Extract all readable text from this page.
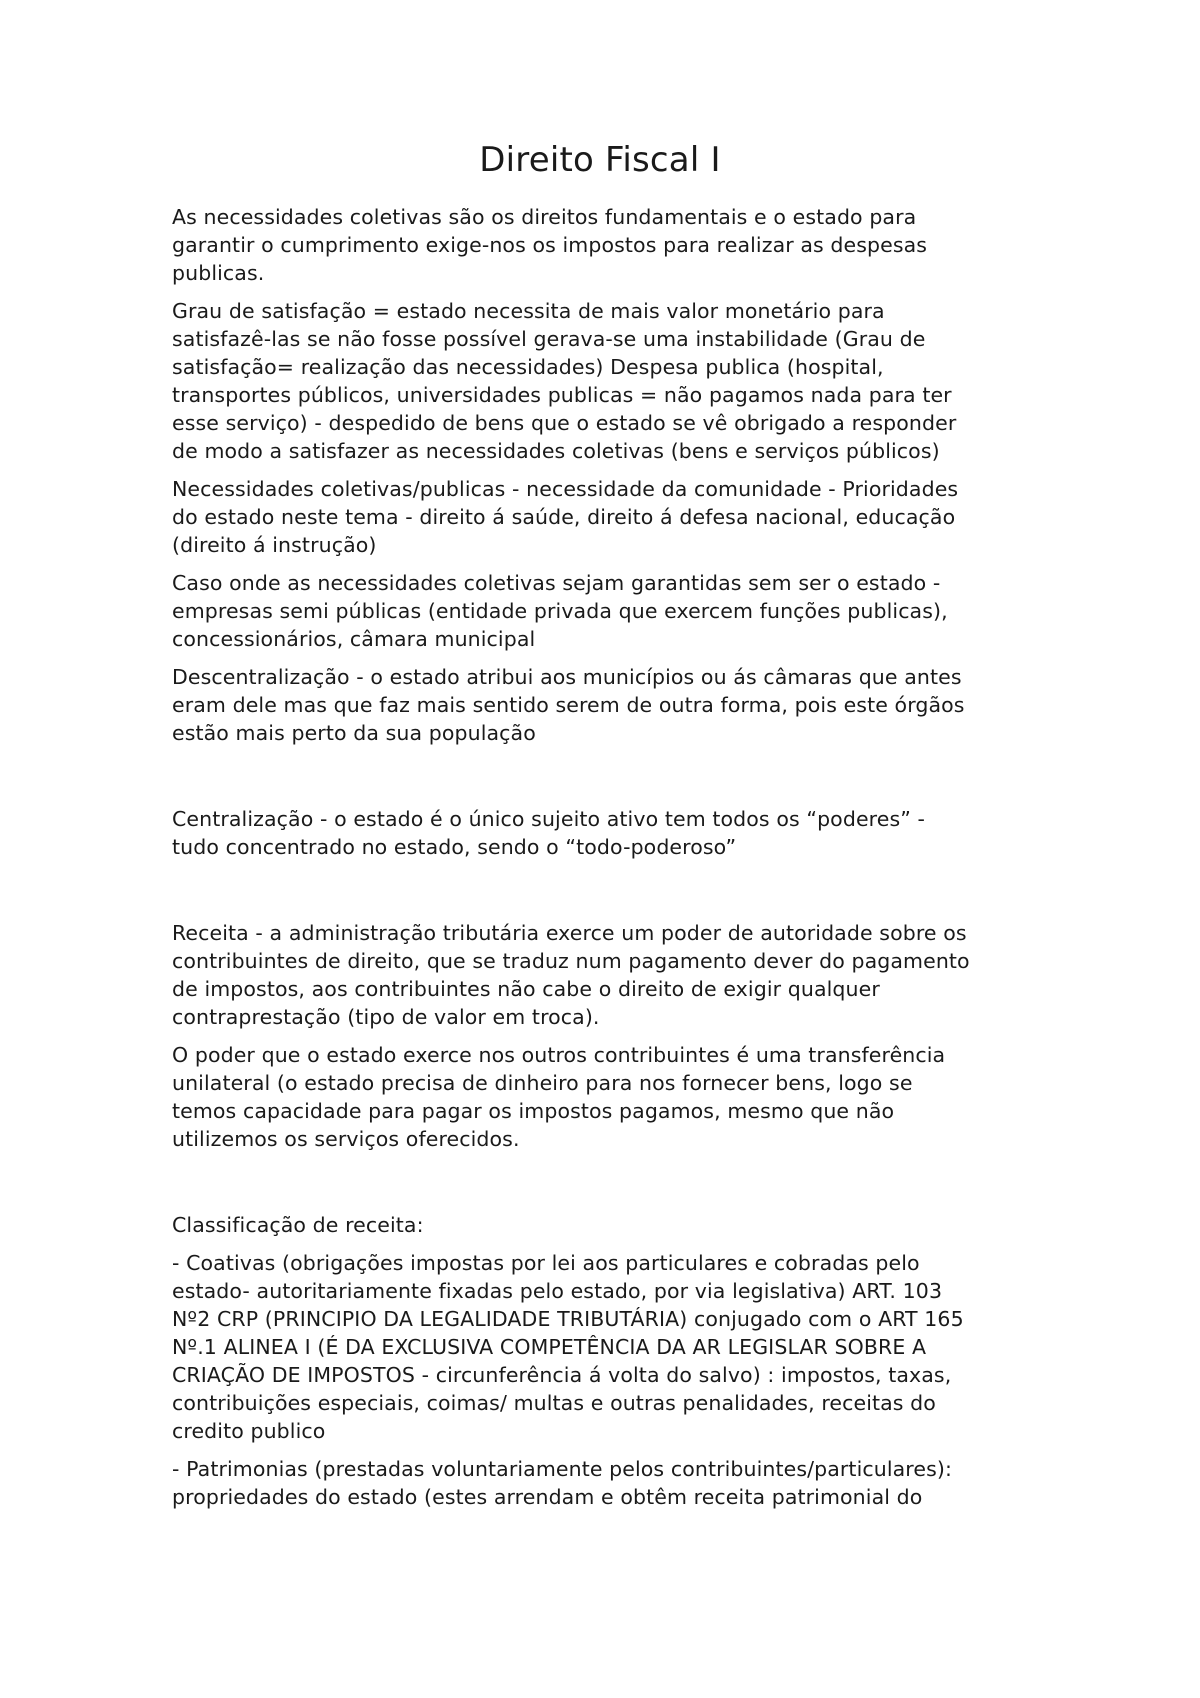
Direito Fiscal I

As necessidades coletivas são os direitos fundamentais e o estado para
garantir o cumprimento exige-nos os impostos para realizar as despesas
publicas.

Grau de satisfação = estado necessita de mais valor monetário para
satisfazê-las se não fosse possível gerava-se uma instabilidade (Grau de
satisfação= realização das necessidades) Despesa publica (hospital,
transportes públicos, universidades publicas = não pagamos nada para ter
esse serviço) - despedido de bens que o estado se vê obrigado a responder
de modo a satisfazer as necessidades coletivas (bens e serviços públicos)

Necessidades coletivas/publicas - necessidade da comunidade - Prioridades
do estado neste tema - direito á saúde, direito á defesa nacional, educação
(direito á instrução)

Caso onde as necessidades coletivas sejam garantidas sem ser o estado -
empresas semi públicas (entidade privada que exercem funções publicas),
concessionários, câmara municipal

Descentralização - o estado atribui aos municípios ou ás câmaras que antes
eram dele mas que faz mais sentido serem de outra forma, pois este órgãos
estão mais perto da sua população

Centralização - o estado é o único sujeito ativo tem todos os “poderes” -
tudo concentrado no estado, sendo o “todo-poderoso”

Receita - a administração tributária exerce um poder de autoridade sobre os
contribuintes de direito, que se traduz num pagamento dever do pagamento
de impostos, aos contribuintes não cabe o direito de exigir qualquer
contraprestação (tipo de valor em troca).

O poder que o estado exerce nos outros contribuintes é uma transferência
unilateral (o estado precisa de dinheiro para nos fornecer bens, logo se
temos capacidade para pagar os impostos pagamos, mesmo que não
utilizemos os serviços oferecidos.

Classificação de receita:

- Coativas (obrigações impostas por lei aos particulares e cobradas pelo
estado- autoritariamente fixadas pelo estado, por via legislativa) ART. 103
Nº2 CRP (PRINCIPIO DA LEGALIDADE TRIBUTÁRIA) conjugado com o ART 165
Nº.1 ALINEA I (É DA EXCLUSIVA COMPETÊNCIA DA AR LEGISLAR SOBRE A
CRIAÇÃO DE IMPOSTOS - circunferência á volta do salvo) : impostos, taxas,
contribuições especiais, coimas/ multas e outras penalidades, receitas do
credito publico

- Patrimonias (prestadas voluntariamente pelos contribuintes/particulares):
propriedades do estado (estes arrendam e obtêm receita patrimonial do
